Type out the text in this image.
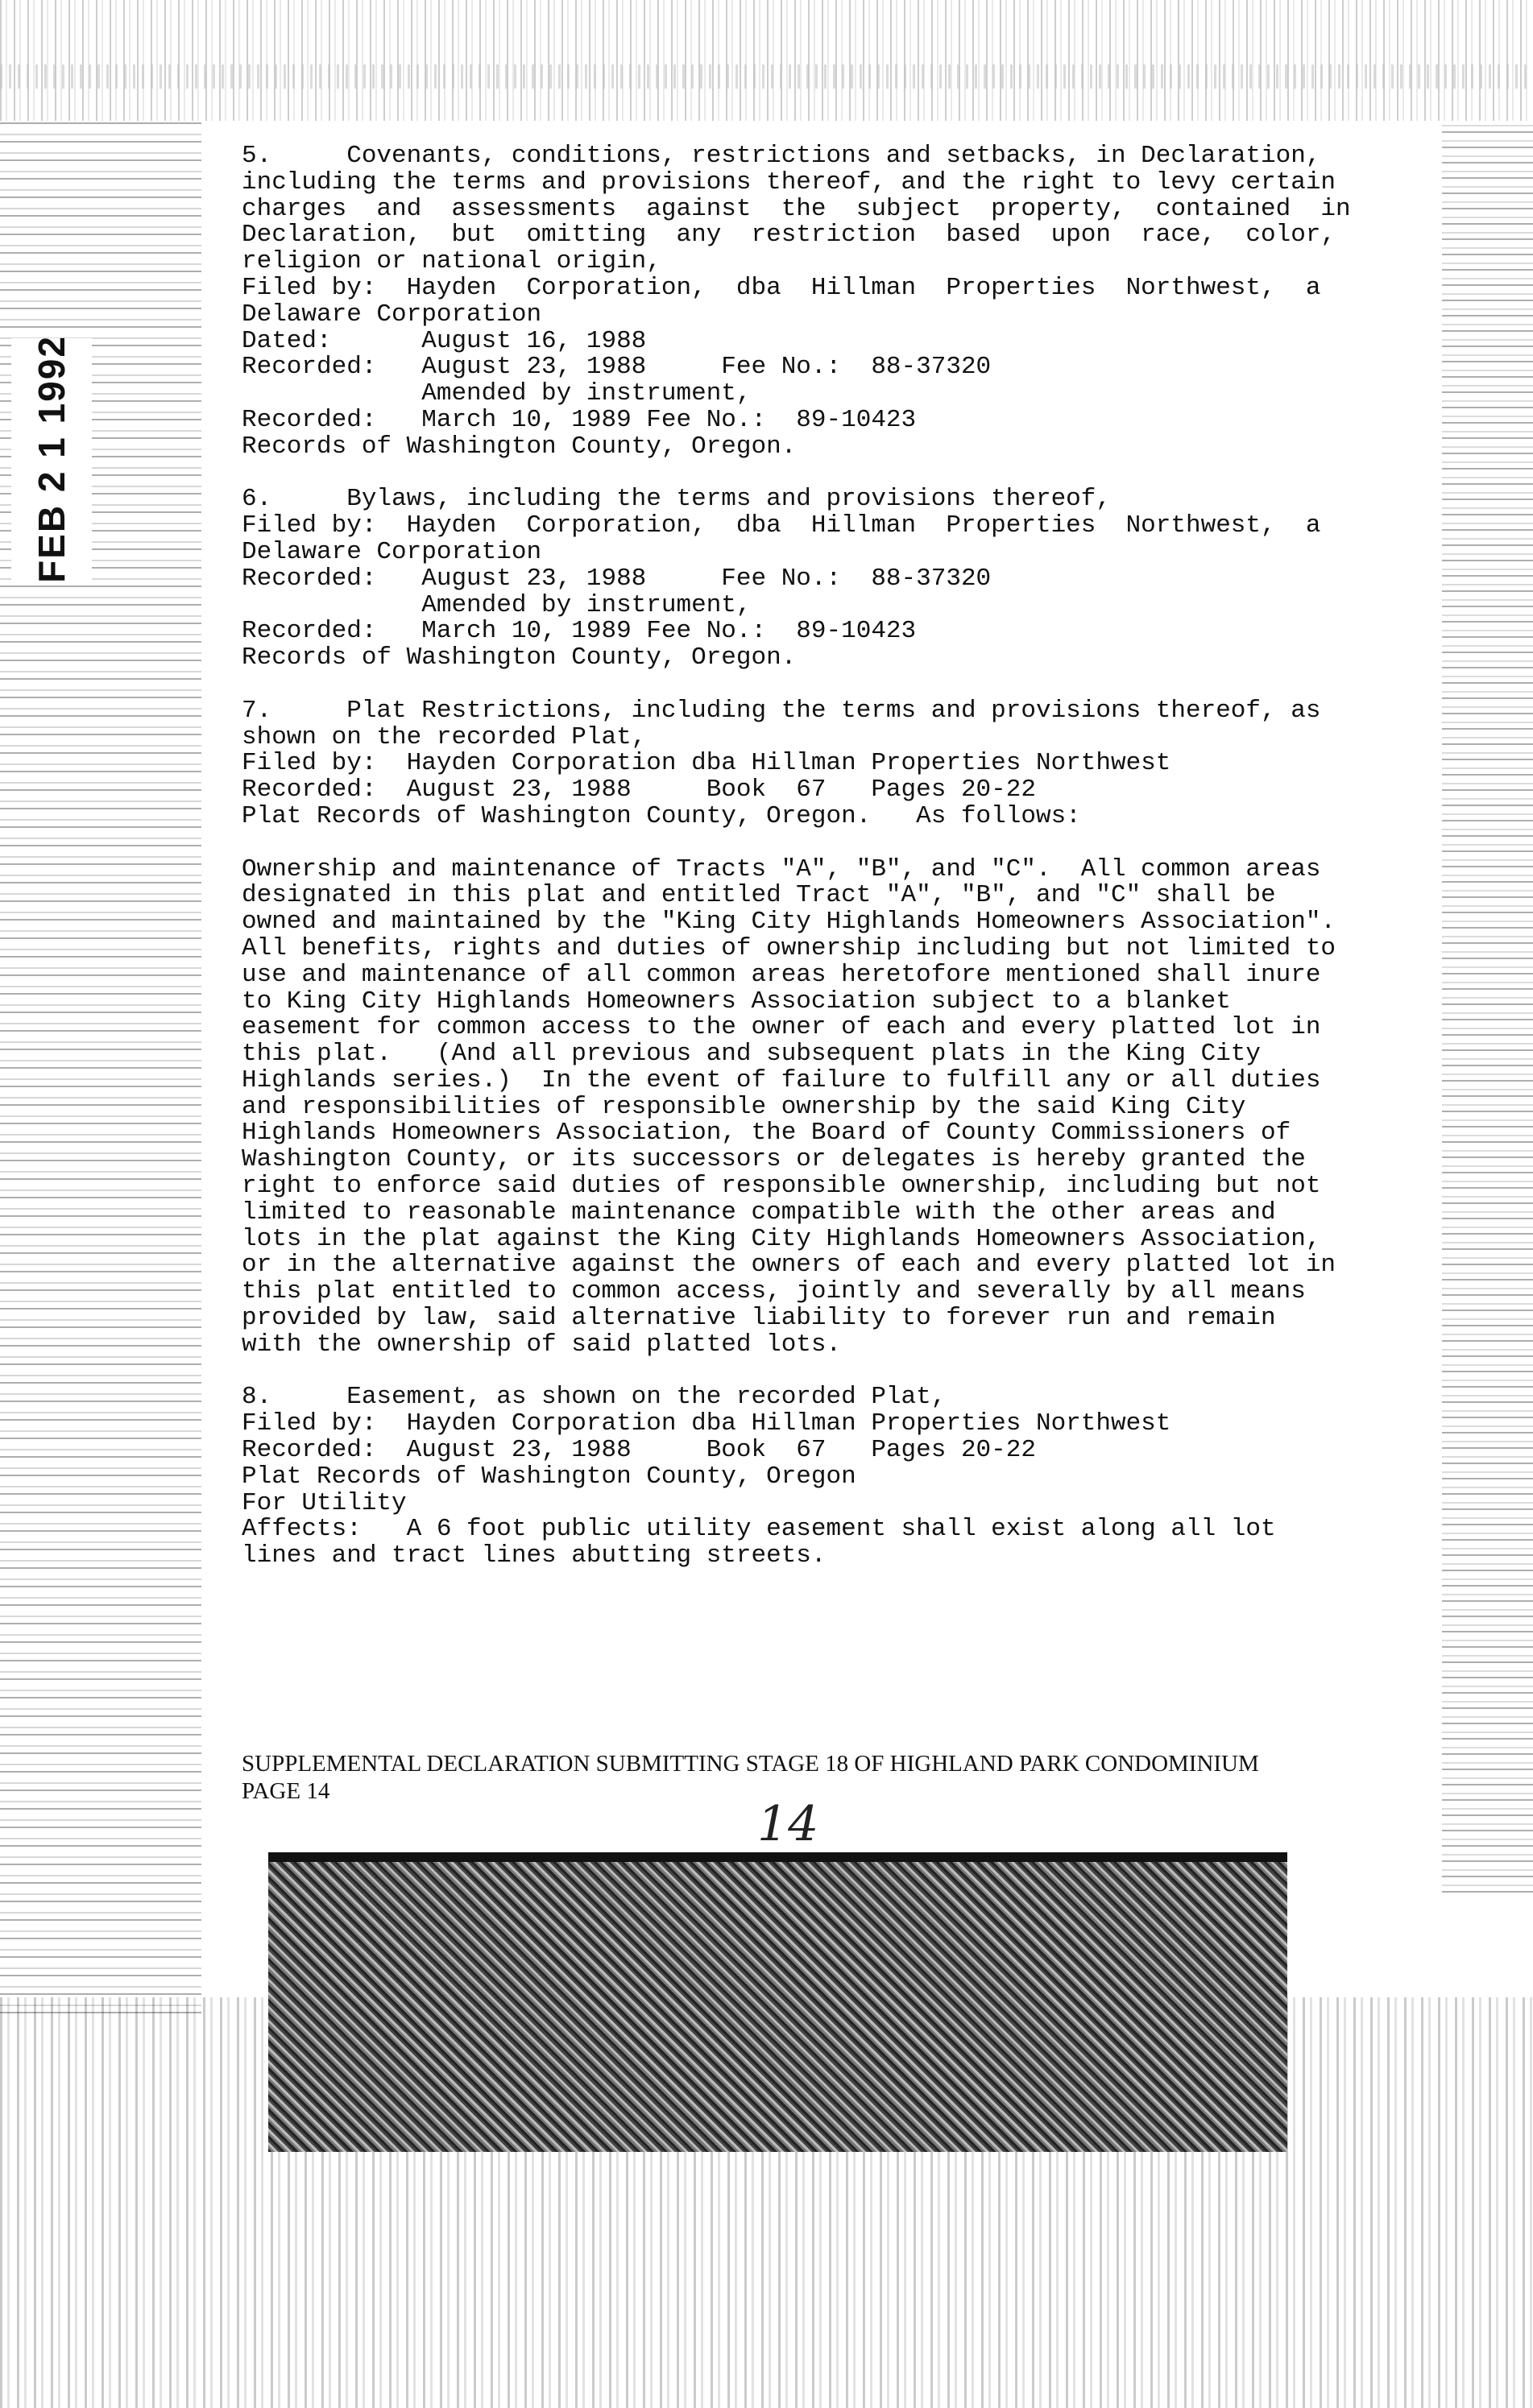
FEB 2 1 1992
5.     Covenants, conditions, restrictions and setbacks, in Declaration,
including the terms and provisions thereof, and the right to levy certain
charges  and  assessments  against  the  subject  property,  contained  in
Declaration,  but  omitting  any  restriction  based  upon  race,  color,
religion or national origin,
Filed by:  Hayden  Corporation,  dba  Hillman  Properties  Northwest,  a
Delaware Corporation
Dated:      August 16, 1988
Recorded:   August 23, 1988     Fee No.:  88-37320
Amended by instrument,
Recorded:   March 10, 1989 Fee No.:  89-10423
Records of Washington County, Oregon.
6.     Bylaws, including the terms and provisions thereof,
Filed by:  Hayden  Corporation,  dba  Hillman  Properties  Northwest,  a
Delaware Corporation
Recorded:   August 23, 1988     Fee No.:  88-37320
Amended by instrument,
Recorded:   March 10, 1989 Fee No.:  89-10423
Records of Washington County, Oregon.
7.     Plat Restrictions, including the terms and provisions thereof, as
shown on the recorded Plat,
Filed by:  Hayden Corporation dba Hillman Properties Northwest
Recorded:  August 23, 1988     Book  67   Pages 20-22
Plat Records of Washington County, Oregon.   As follows:
Ownership and maintenance of Tracts "A", "B", and "C".  All common areas
designated in this plat and entitled Tract "A", "B", and "C" shall be
owned and maintained by the "King City Highlands Homeowners Association".
All benefits, rights and duties of ownership including but not limited to
use and maintenance of all common areas heretofore mentioned shall inure
to King City Highlands Homeowners Association subject to a blanket
easement for common access to the owner of each and every platted lot in
this plat.   (And all previous and subsequent plats in the King City
Highlands series.)  In the event of failure to fulfill any or all duties
and responsibilities of responsible ownership by the said King City
Highlands Homeowners Association, the Board of County Commissioners of
Washington County, or its successors or delegates is hereby granted the
right to enforce said duties of responsible ownership, including but not
limited to reasonable maintenance compatible with the other areas and
lots in the plat against the King City Highlands Homeowners Association,
or in the alternative against the owners of each and every platted lot in
this plat entitled to common access, jointly and severally by all means
provided by law, said alternative liability to forever run and remain
with the ownership of said platted lots.
8.     Easement, as shown on the recorded Plat,
Filed by:  Hayden Corporation dba Hillman Properties Northwest
Recorded:  August 23, 1988     Book  67   Pages 20-22
Plat Records of Washington County, Oregon
For Utility
Affects:   A 6 foot public utility easement shall exist along all lot
lines and tract lines abutting streets.
SUPPLEMENTAL DECLARATION SUBMITTING STAGE 18 OF HIGHLAND PARK CONDOMINIUM
PAGE 14
14
